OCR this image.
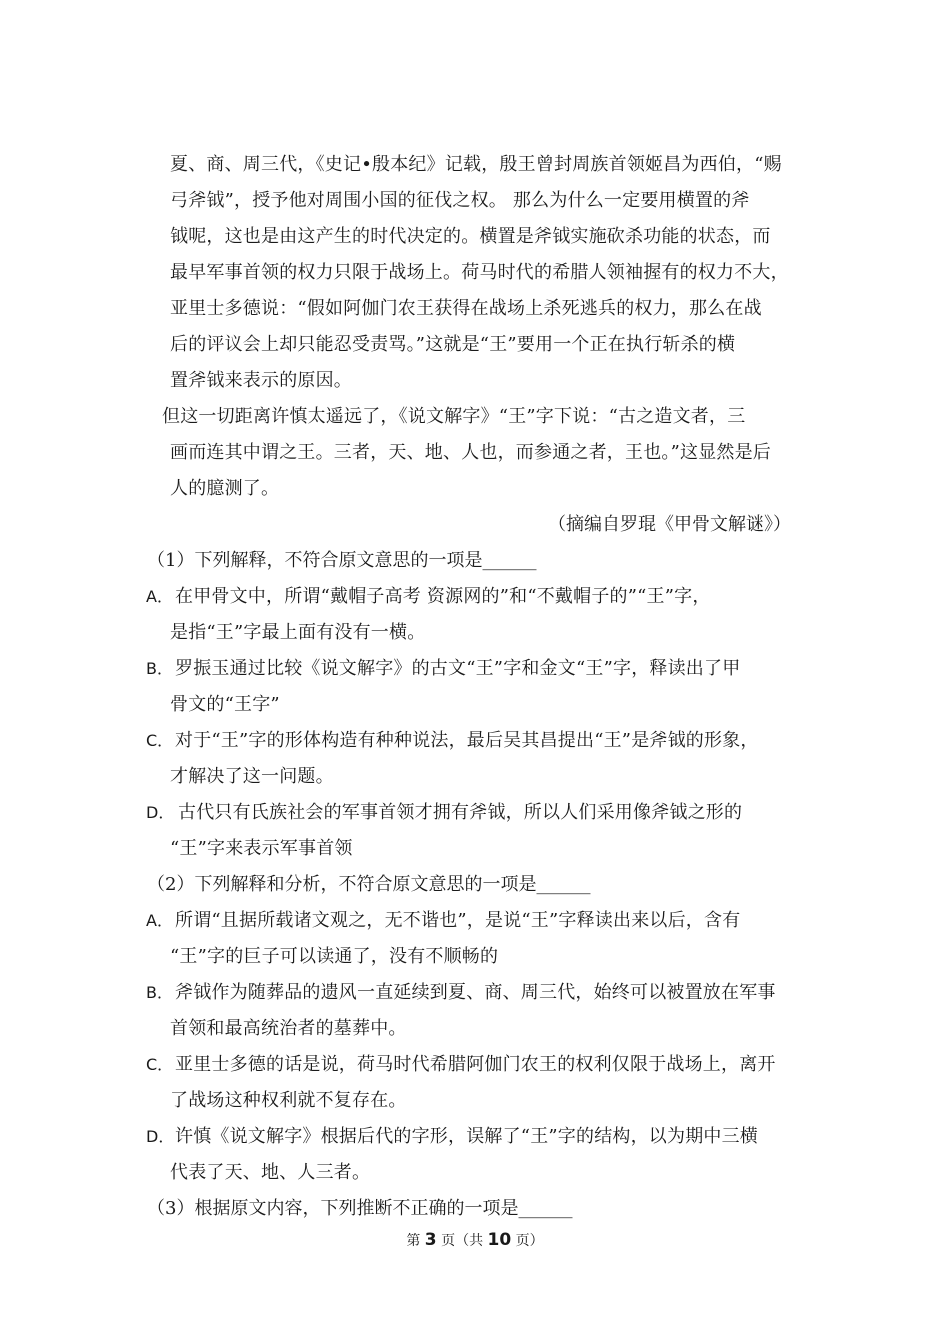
夏、商、周三代，《史记•殷本纪》记载，殷王曾封周族首领姬昌为西伯，“赐
弓斧钺”，授予他对周围小国的征伐之权。 那么为什么一定要用横置的斧
钺呢，这也是由这产生的时代决定的。横置是斧钺实施砍杀功能的状态，而
最早军事首领的权力只限于战场上。荷马时代的希腊人领袖握有的权力不大，
亚里士多德说：“假如阿伽门农王获得在战场上杀死逃兵的权力，那么在战
后的评议会上却只能忍受责骂。”这就是“王”要用一个正在执行斩杀的横
置斧钺来表示的原因。
但这一切距离许慎太遥远了，《说文解字》“王”字下说：“古之造文者，三
画而连其中谓之王。三者，天、地、人也，而参通之者，王也。”这显然是后
人的臆测了。
（摘编自罗琨《甲骨文解谜》）
（1）下列解释，不符合原文意思的一项是______
A． 在甲骨文中，所谓“戴帽子高考 资源网的”和“不戴帽子的”“王”字，
是指“王”字最上面有没有一横。
B． 罗振玉通过比较《说文解字》的古文“王”字和金文“王”字，释读出了甲
骨文的“王字”
C． 对于“王”字的形体构造有种种说法，最后吴其昌提出“王”是斧钺的形象，
才解决了这一问题。
D． 古代只有氏族社会的军事首领才拥有斧钺，所以人们采用像斧钺之形的
“王”字来表示军事首领
（2）下列解释和分析，不符合原文意思的一项是______
A． 所谓“且据所载诸文观之，无不谐也”，是说“王”字释读出来以后，含有
“王”字的巨子可以读通了，没有不顺畅的
B． 斧钺作为随葬品的遗风一直延续到夏、商、周三代，始终可以被置放在军事
首领和最高统治者的墓葬中。
C． 亚里士多德的话是说，荷马时代希腊阿伽门农王的权利仅限于战场上，离开
了战场这种权利就不复存在。
D． 许慎《说文解字》根据后代的字形，误解了“王”字的结构，以为期中三横
代表了天、地、人三者。
（3）根据原文内容，下列推断不正确的一项是______
第 3 页（共 10 页）
